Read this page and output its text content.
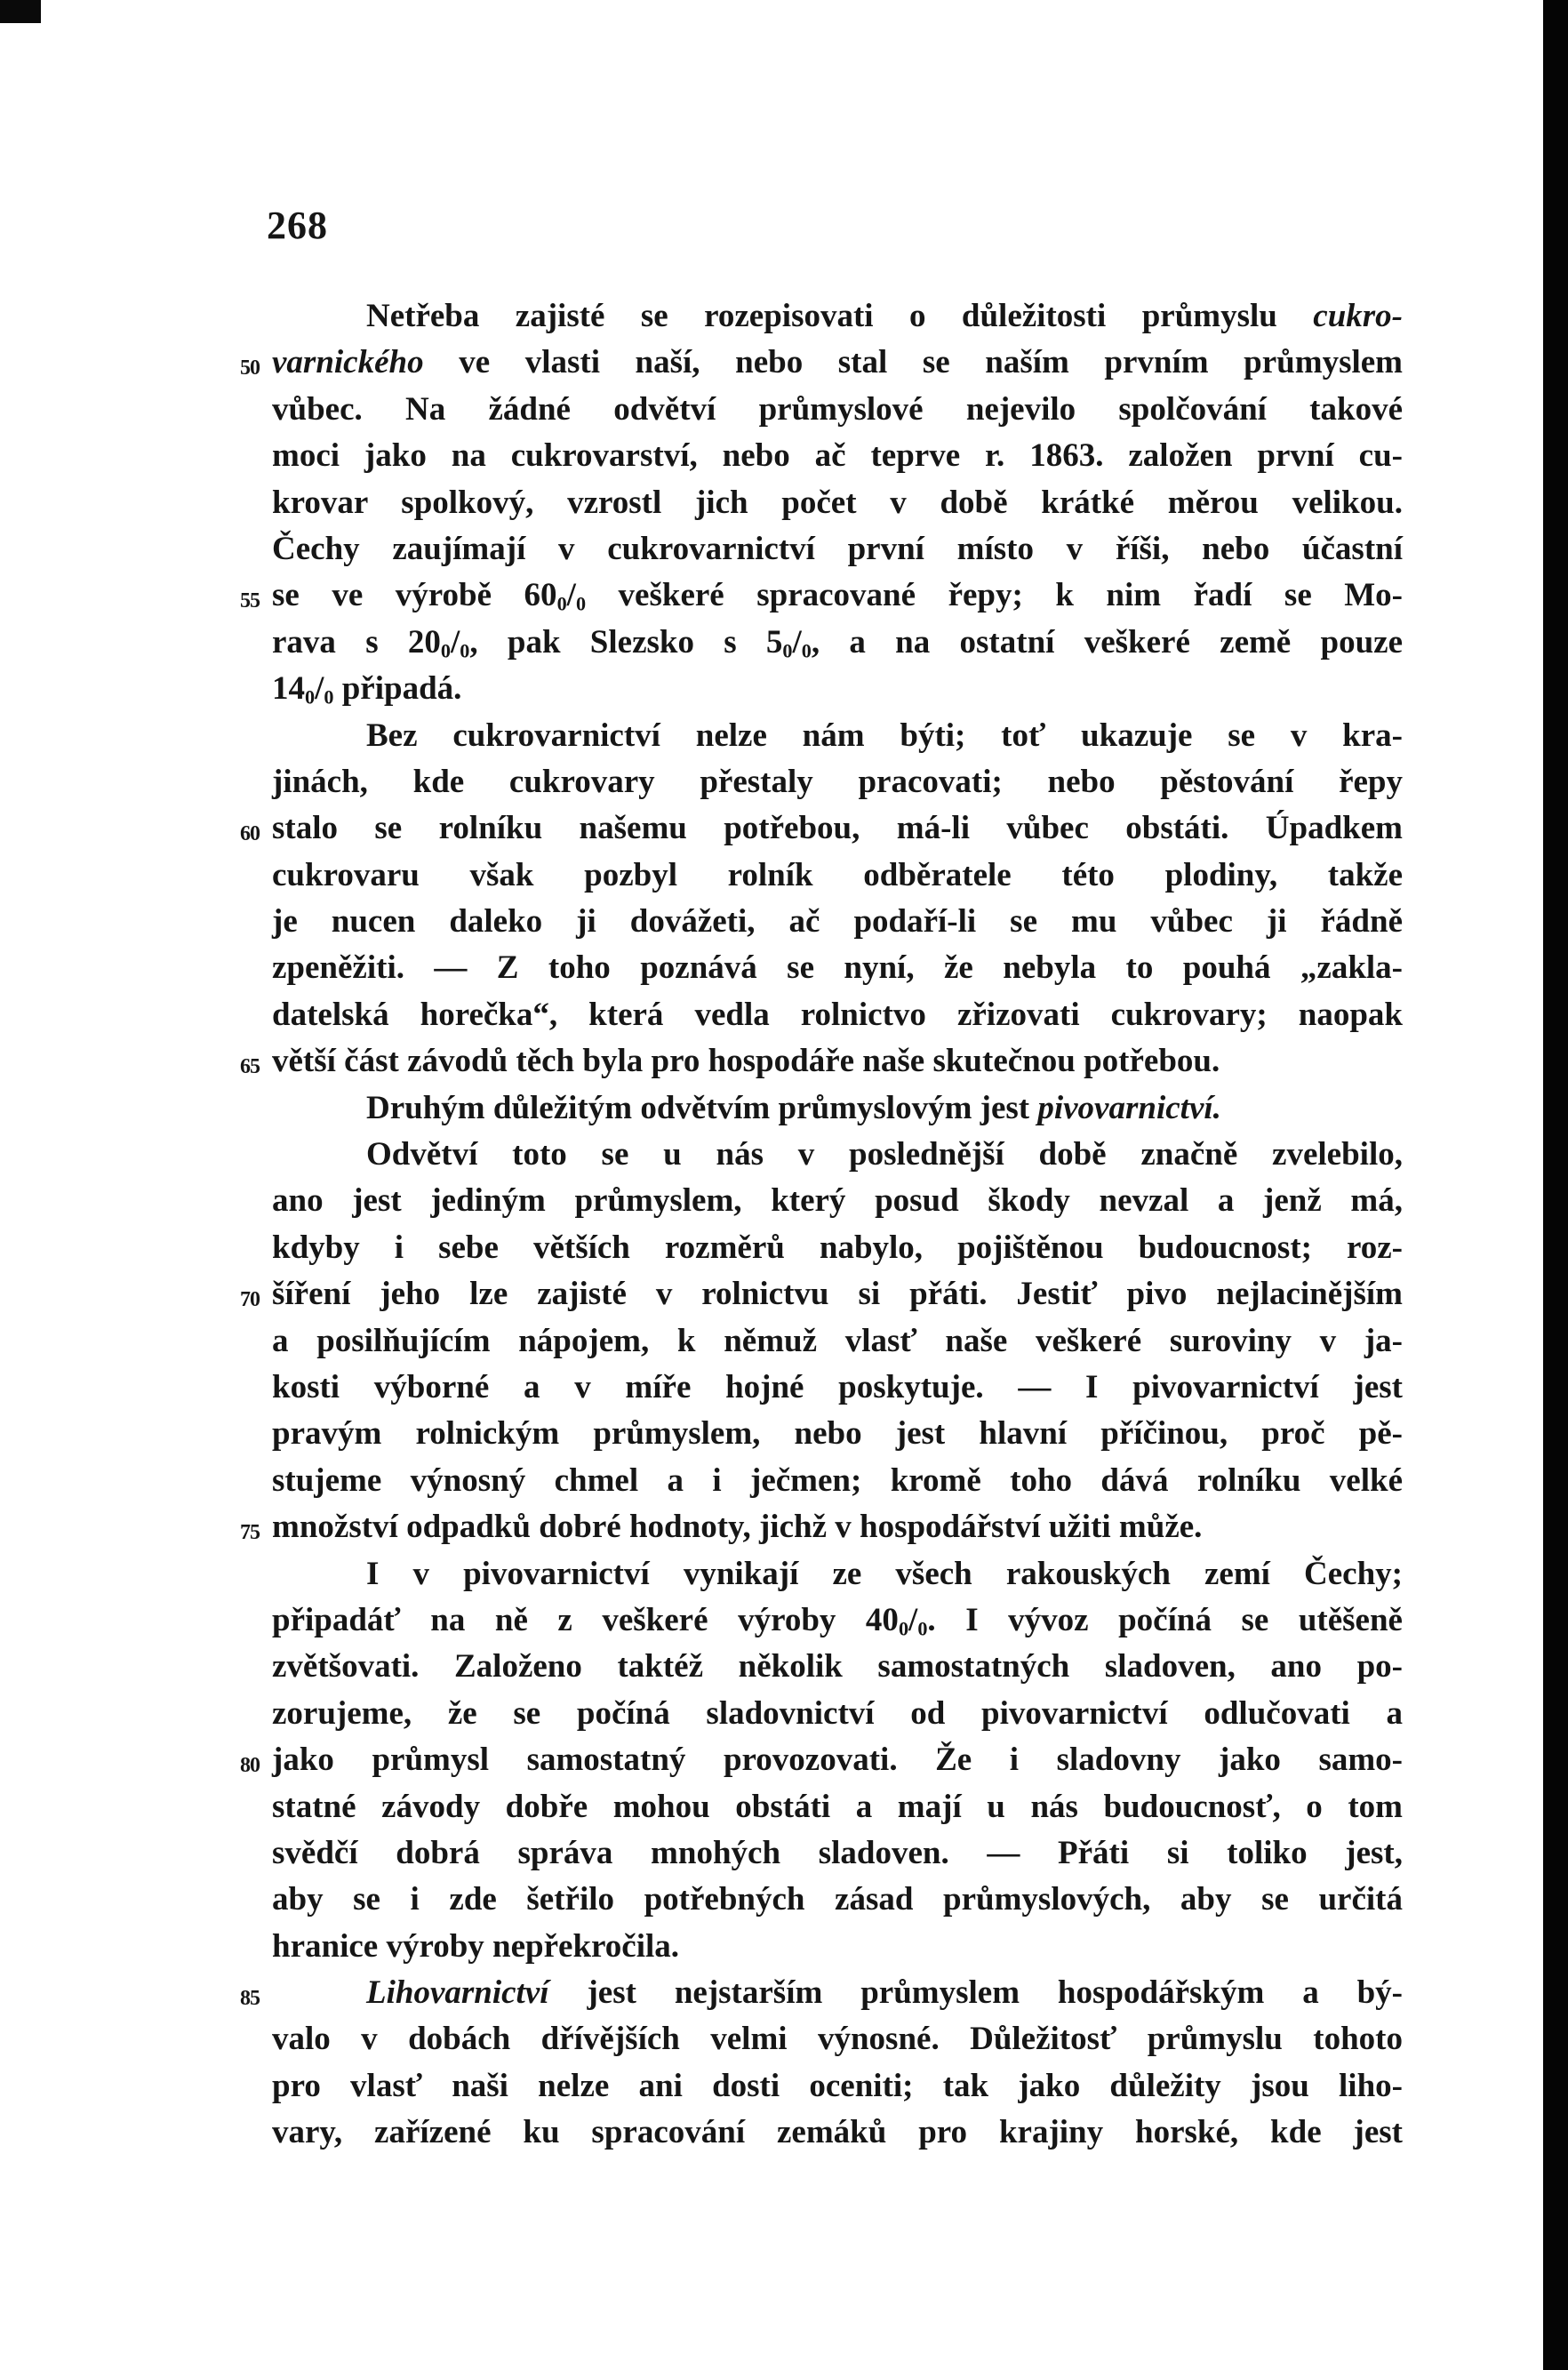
268
Netřeba zajisté se rozepisovati o důležitosti průmyslu cukro-
50 varnického ve vlasti naší, nebo stal se naším prvním průmyslem
vůbec. Na žádné odvětví průmyslové nejevilo spolčování takové
moci jako na cukrovarství, nebo ač teprve r. 1863. založen první cu-
krovar spolkový, vzrostl jich počet v době krátké měrou velikou.
Čechy zaujímají v cukrovarnictví první místo v říši, nebo účastní
55 se ve výrobě $60_0/_0$ veškeré spracované řepy; k nim řadí se Mo-
rava s $20_0/_0$, pak Slezsko s $5_0/_0$, a na ostatní veškeré země pouze
$14_0/_0$ připadá.
Bez cukrovarnictví nelze nám býti; toť ukazuje se v kra-
jinách, kde cukrovary přestaly pracovati; nebo pěstování řepy
60 stalo se rolníku našemu potřebou, má-li vůbec obstáti. Úpadkem
cukrovaru však pozbyl rolník odběratele této plodiny, takže
je nucen daleko ji dovážeti, ač podaří-li se mu vůbec ji řádně
zpeněžiti. — Z toho poznává se nyní, že nebyla to pouhá „zakla-
datelská horečka“, která vedla rolnictvo zřizovati cukrovary; naopak
65 větší část závodů těch byla pro hospodáře naše skutečnou potřebou.
Druhým důležitým odvětvím průmyslovým jest pivovarnictví.
Odvětví toto se u nás v poslednější době značně zvelebilo,
ano jest jediným průmyslem, který posud škody nevzal a jenž má,
kdyby i sebe větších rozměrů nabylo, pojištěnou budoucnost; roz-
70 šíření jeho lze zajisté v rolnictvu si přáti. Jestiť pivo nejlacinějším
a posilňujícím nápojem, k němuž vlasť naše veškeré suroviny v ja-
kosti výborné a v míře hojné poskytuje. — I pivovarnictví jest
pravým rolnickým průmyslem, nebo jest hlavní příčinou, proč pě-
stujeme výnosný chmel a i ječmen; kromě toho dává rolníku velké
75 množství odpadků dobré hodnoty, jichž v hospodářství užiti může.
I v pivovarnictví vynikají ze všech rakouských zemí Čechy;
připadáť na ně z veškeré výroby $40_0/_0$. I vývoz počíná se utěšeně
zvětšovati. Založeno taktéž několik samostatných sladoven, ano po-
zorujeme, že se počíná sladovnictví od pivovarnictví odlučovati a
80 jako průmysl samostatný provozovati. Že i sladovny jako samo-
statné závody dobře mohou obstáti a mají u nás budoucnosť, o tom
svědčí dobrá správa mnohých sladoven. — Přáti si toliko jest,
aby se i zde šetřilo potřebných zásad průmyslových, aby se určitá
hranice výroby nepřekročila.
85	Lihovarnictví jest nejstarším průmyslem hospodářským a bý-
valo v dobách dřívějších velmi výnosné. Důležitosť průmyslu tohoto
pro vlasť naši nelze ani dosti oceniti; tak jako důležity jsou liho-
vary, zařízené ku spracování zemáků pro krajiny horské, kde jest
